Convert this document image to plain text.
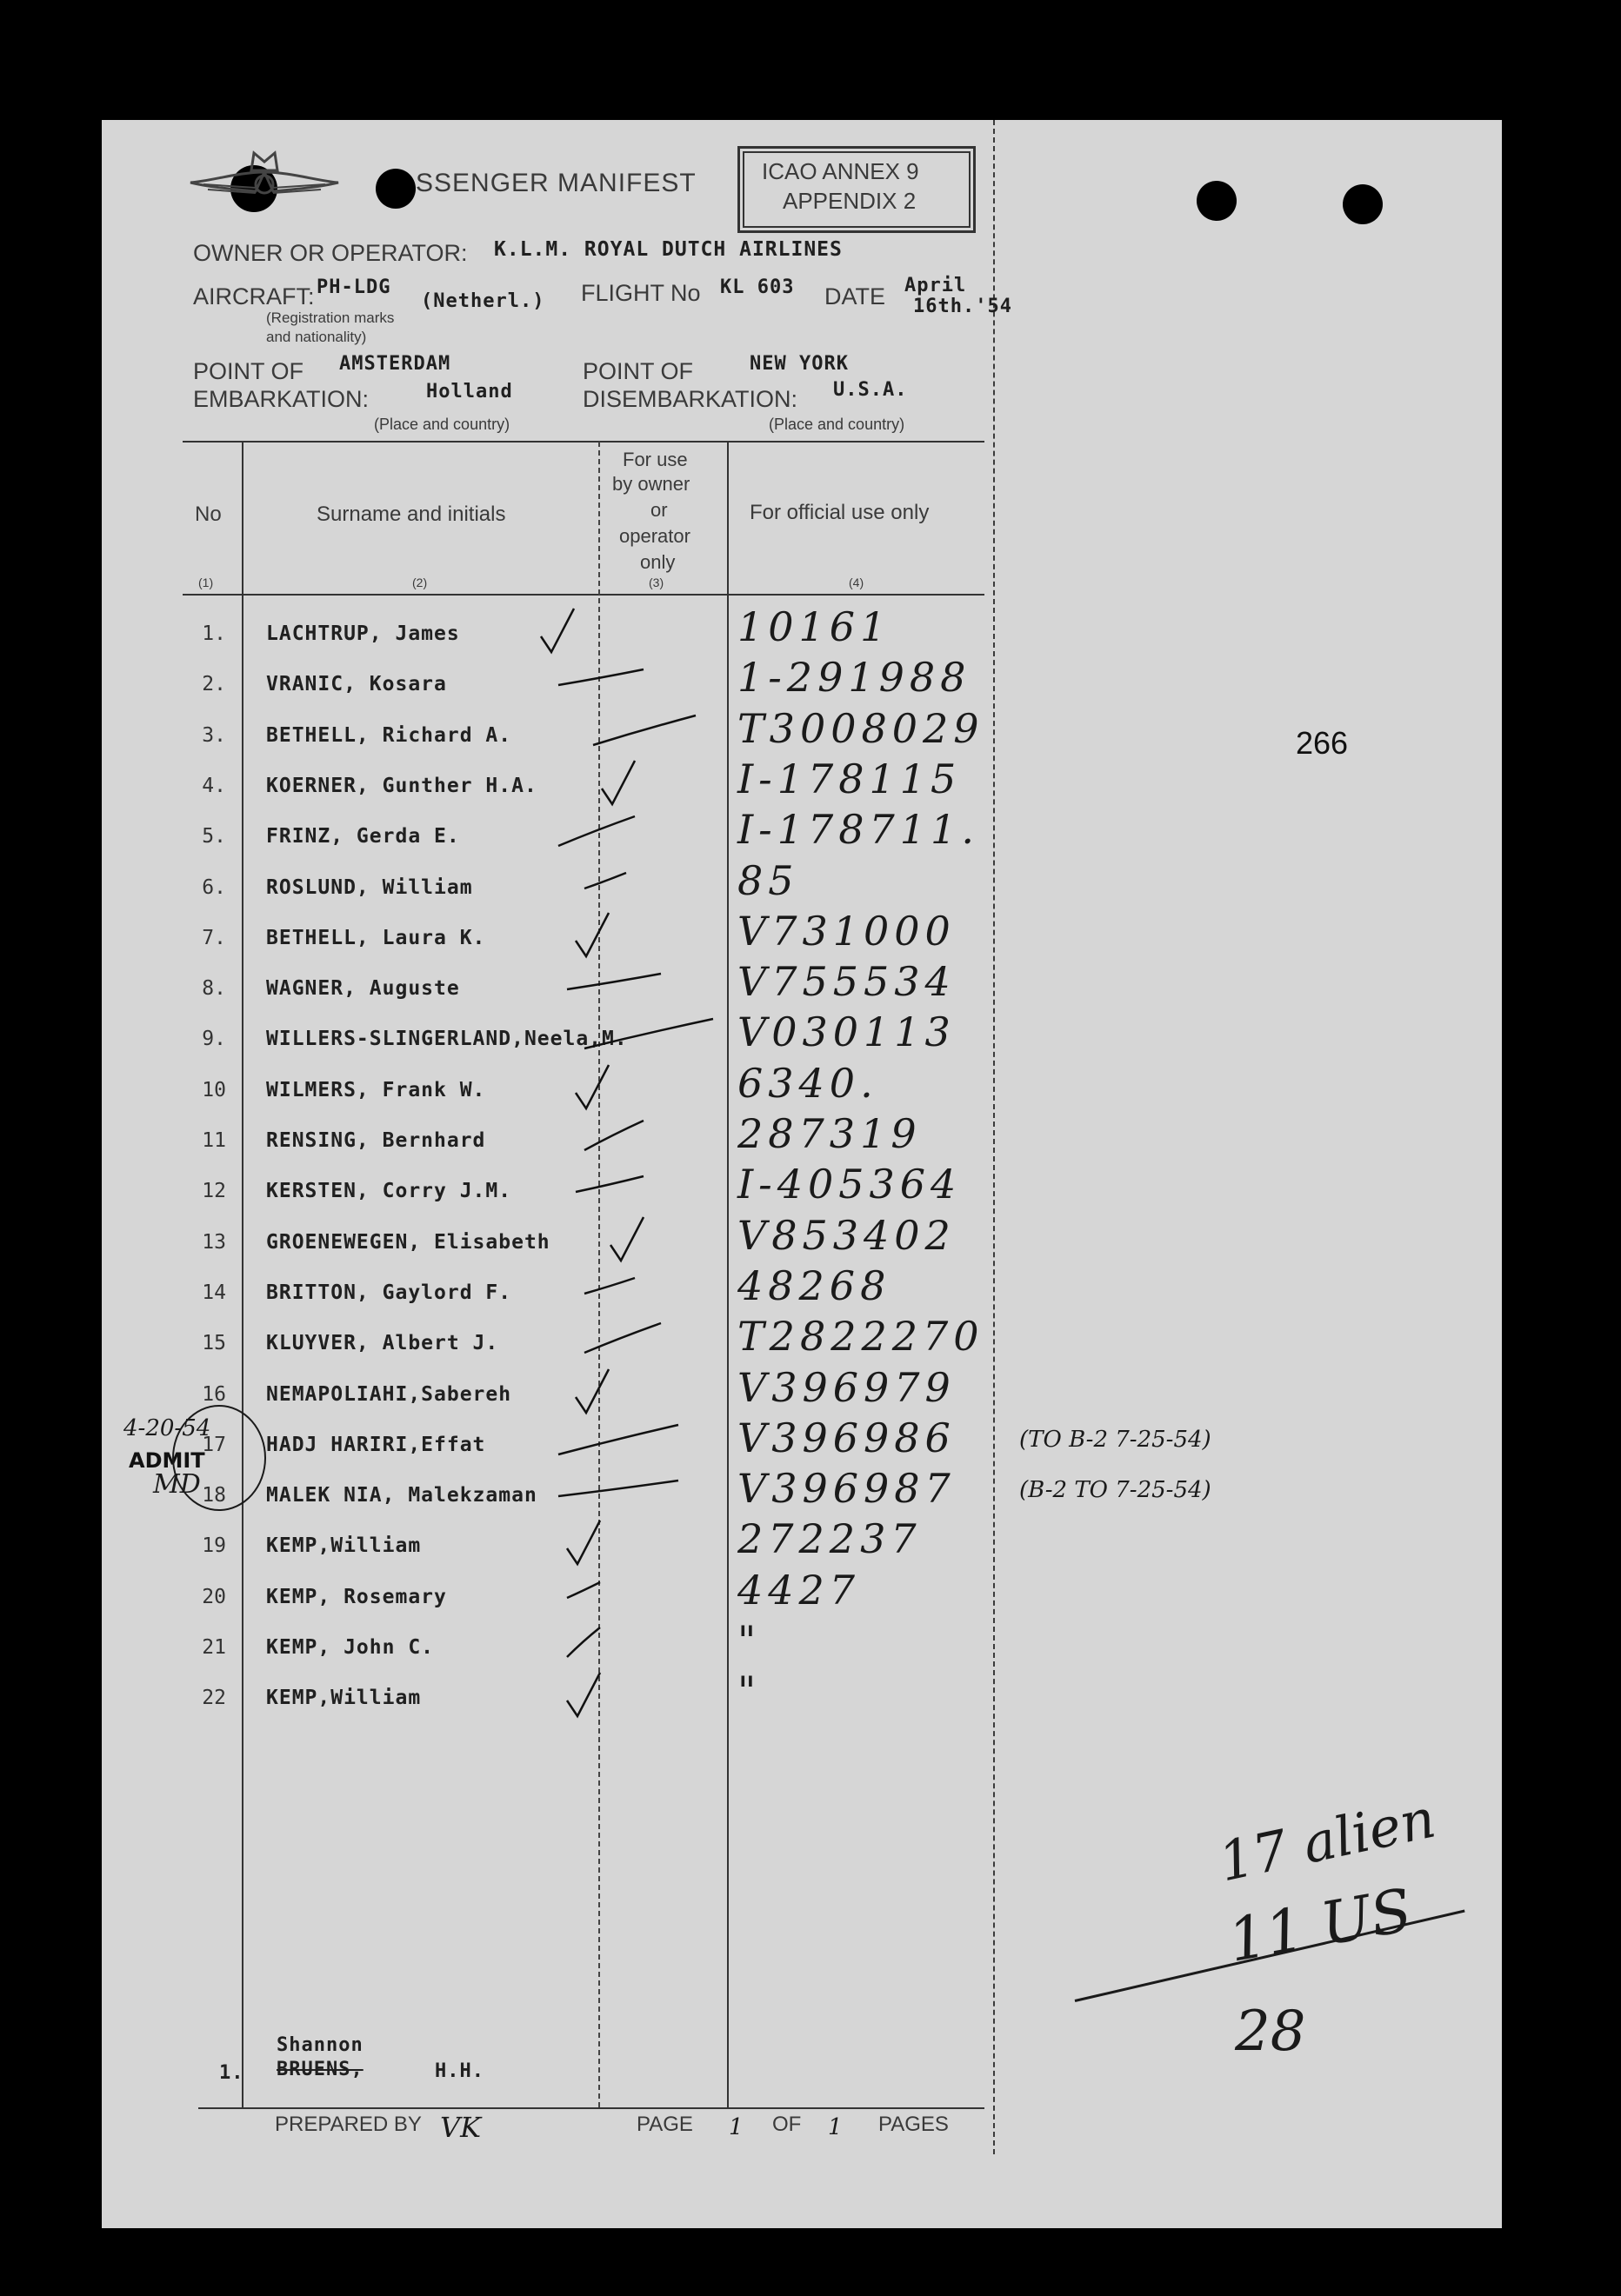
SSENGER MANIFEST	ICAO ANNEX 9
APPENDIX 2
OWNER OR OPERATOR: K.L.M. ROYAL DUTCH AIRLINES
AIRCRAFT: PH-LDG
(Netherl.)
(Registration marks
and nationality)
FLIGHT No KL 603 DATE April
16th.'54
POINT OF
EMBARKATION:
AMSTERDAM
Holland
(Place and country)
POINT OF
DISEMBARKATION:
NEW YORK
U.S.A.
(Place and country)
No
(1)
Surname and initials
(2)
For use
by owner
or
operator
only
(3)
For official use only
(4)
1. LACHTRUP, James	10161
2. VRANIC, Kosara	1-291988
3. BETHELL, Richard A.	T3008029
4. KOERNER, Gunther H.A.	I-178115
5. FRINZ, Gerda E.	I-178711.
6. ROSLUND, William	85
7. BETHELL, Laura K.	V731000
8. WAGNER, Auguste	V755534
9. WILLERS-SLINGERLAND,Neela,M.	V030113
10 WILMERS, Frank W.	6340.
11 RENSING, Bernhard	287319
12 KERSTEN, Corry J.M.	I-405364
13 GROENEWEGEN, Elisabeth	V853402
14 BRITTON, Gaylord F.	48268
15 KLUYVER, Albert J.	T2822270
16 NEMAPOLIAHI,Sabereh	V396979
17 HADJ HARIRI,Effat	V396986	(TO B-2 7-25-54)
18 MALEK NIA, Malekzaman	V396987	(B-2 TO 7-25-54)
19 KEMP,William	272237
20 KEMP, Rosemary	4427
21 KEMP, John C.	"
22 KEMP,William	"
Shannon
1. BRUENS,	H.H.
PREPARED BY VK	PAGE 1 OF 1 PAGES
266
4-20-54
ADMIT
MD
17 alien
11 US
28
